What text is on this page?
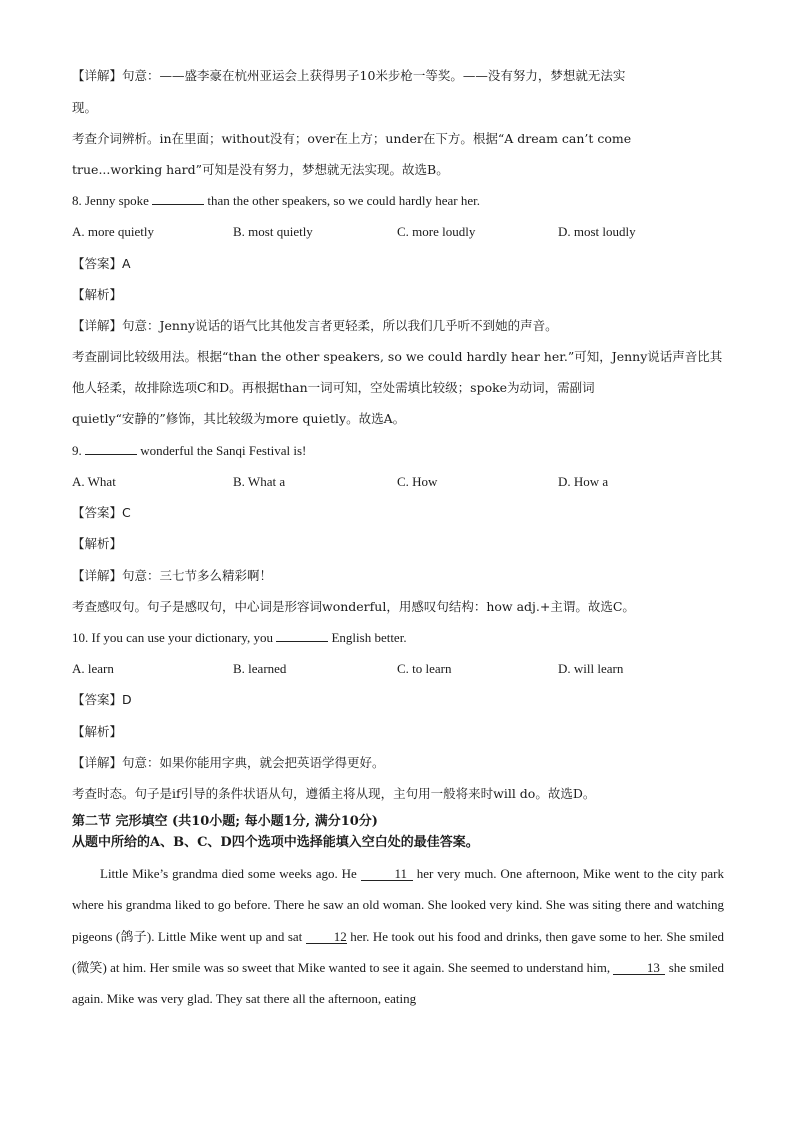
【详解】句意：——盛李豪在杭州亚运会上获得男子10米步枪一等奖。——没有努力，梦想就无法实
现。
考查介词辨析。in在里面；without没有；over在上方；under在下方。根据“A dream can’t come
true...working hard”可知是没有努力，梦想就无法实现。故选B。
8. Jenny spoke	than the other speakers, so we could hardly hear her.
A. more quietly	B. most quietly	C. more loudly	D. most loudly
【答案】A
【解析】
【详解】句意：Jenny说话的语气比其他发言者更轻柔，所以我们几乎听不到她的声音。
考查副词比较级用法。根据“than the other speakers, so we could hardly hear her.”可知，Jenny说话声音比其
他人轻柔，故排除选项C和D。再根据than一词可知，空处需填比较级；spoke为动词，需副词
quietly“安静的”修饰，其比较级为more quietly。故选A。
9.	wonderful the Sanqi Festival is!
A. What	B. What a	C. How	D. How a
【答案】C
【解析】
【详解】句意：三七节多么精彩啊！
考查感叹句。句子是感叹句，中心词是形容词wonderful，用感叹句结构：how adj.+主谓。故选C。
10. If you can use your dictionary, you	English better.
A. learn	B. learned	C. to learn	D. will learn
【答案】D
【解析】
【详解】句意：如果你能用字典，就会把英语学得更好。
考查时态。句子是if引导的条件状语从句，遵循主将从现，主句用一般将来时will do。故选D。
第二节 完形填空 (共10小题; 每小题1分, 满分10分)
从题中所给的A、B、C、D四个选项中选择能填入空白处的最佳答案。
Little Mike’s grandma died some weeks ago. He	11 her very much. One afternoon, Mike went to the city park where his grandma liked to go before. There he saw an old woman. She looked very kind. She was siting there and watching pigeons (鸽子). Little Mike went up and sat 12 her. He took out his food and drinks, then gave some to her. She smiled (微笑) at him. Her smile was so sweet that Mike wanted to see it again. She seemed to understand him,	13 she smiled again. Mike was very glad. They sat there all the afternoon, eating
